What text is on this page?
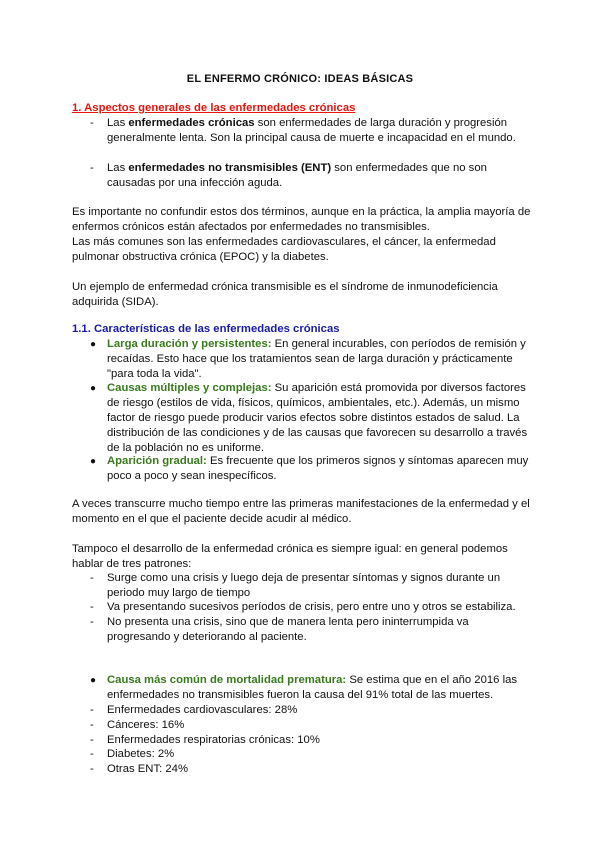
EL ENFERMO CRÓNICO: IDEAS BÁSICAS
1. Aspectos generales de las enfermedades crónicas
- Las enfermedades crónicas son enfermedades de larga duración y progresión generalmente lenta. Son la principal causa de muerte e incapacidad en el mundo.
- Las enfermedades no transmisibles (ENT) son enfermedades que no son causadas por una infección aguda.
Es importante no confundir estos dos términos, aunque en la práctica, la amplia mayoría de enfermos crónicos están afectados por enfermedades no transmisibles.
Las más comunes son las enfermedades cardiovasculares, el cáncer, la enfermedad pulmonar obstructiva crónica (EPOC) y la diabetes.
Un ejemplo de enfermedad crónica transmisible es el síndrome de inmunodeficiencia adquirida (SIDA).
1.1. Características de las enfermedades crónicas
● Larga duración y persistentes: En general incurables, con períodos de remisión y recaídas. Esto hace que los tratamientos sean de larga duración y prácticamente "para toda la vida".
● Causas múltiples y complejas: Su aparición está promovida por diversos factores de riesgo (estilos de vida, físicos, químicos, ambientales, etc.). Además, un mismo factor de riesgo puede producir varios efectos sobre distintos estados de salud. La distribución de las condiciones y de las causas que favorecen su desarrollo a través de la población no es uniforme.
● Aparición gradual: Es frecuente que los primeros signos y síntomas aparecen muy poco a poco y sean inespecíficos.
A veces transcurre mucho tiempo entre las primeras manifestaciones de la enfermedad y el momento en el que el paciente decide acudir al médico.
Tampoco el desarrollo de la enfermedad crónica es siempre igual: en general podemos hablar de tres patrones:
- Surge como una crisis y luego deja de presentar síntomas y signos durante un periodo muy largo de tiempo
- Va presentando sucesivos períodos de crisis, pero entre uno y otros se estabiliza.
- No presenta una crisis, sino que de manera lenta pero ininterrumpida va progresando y deteriorando al paciente.
● Causa más común de mortalidad prematura: Se estima que en el año 2016 las enfermedades no transmisibles fueron la causa del 91% total de las muertes.
- Enfermedades cardiovasculares: 28%
- Cánceres: 16%
- Enfermedades respiratorias crónicas: 10%
- Diabetes: 2%
- Otras ENT: 24%
